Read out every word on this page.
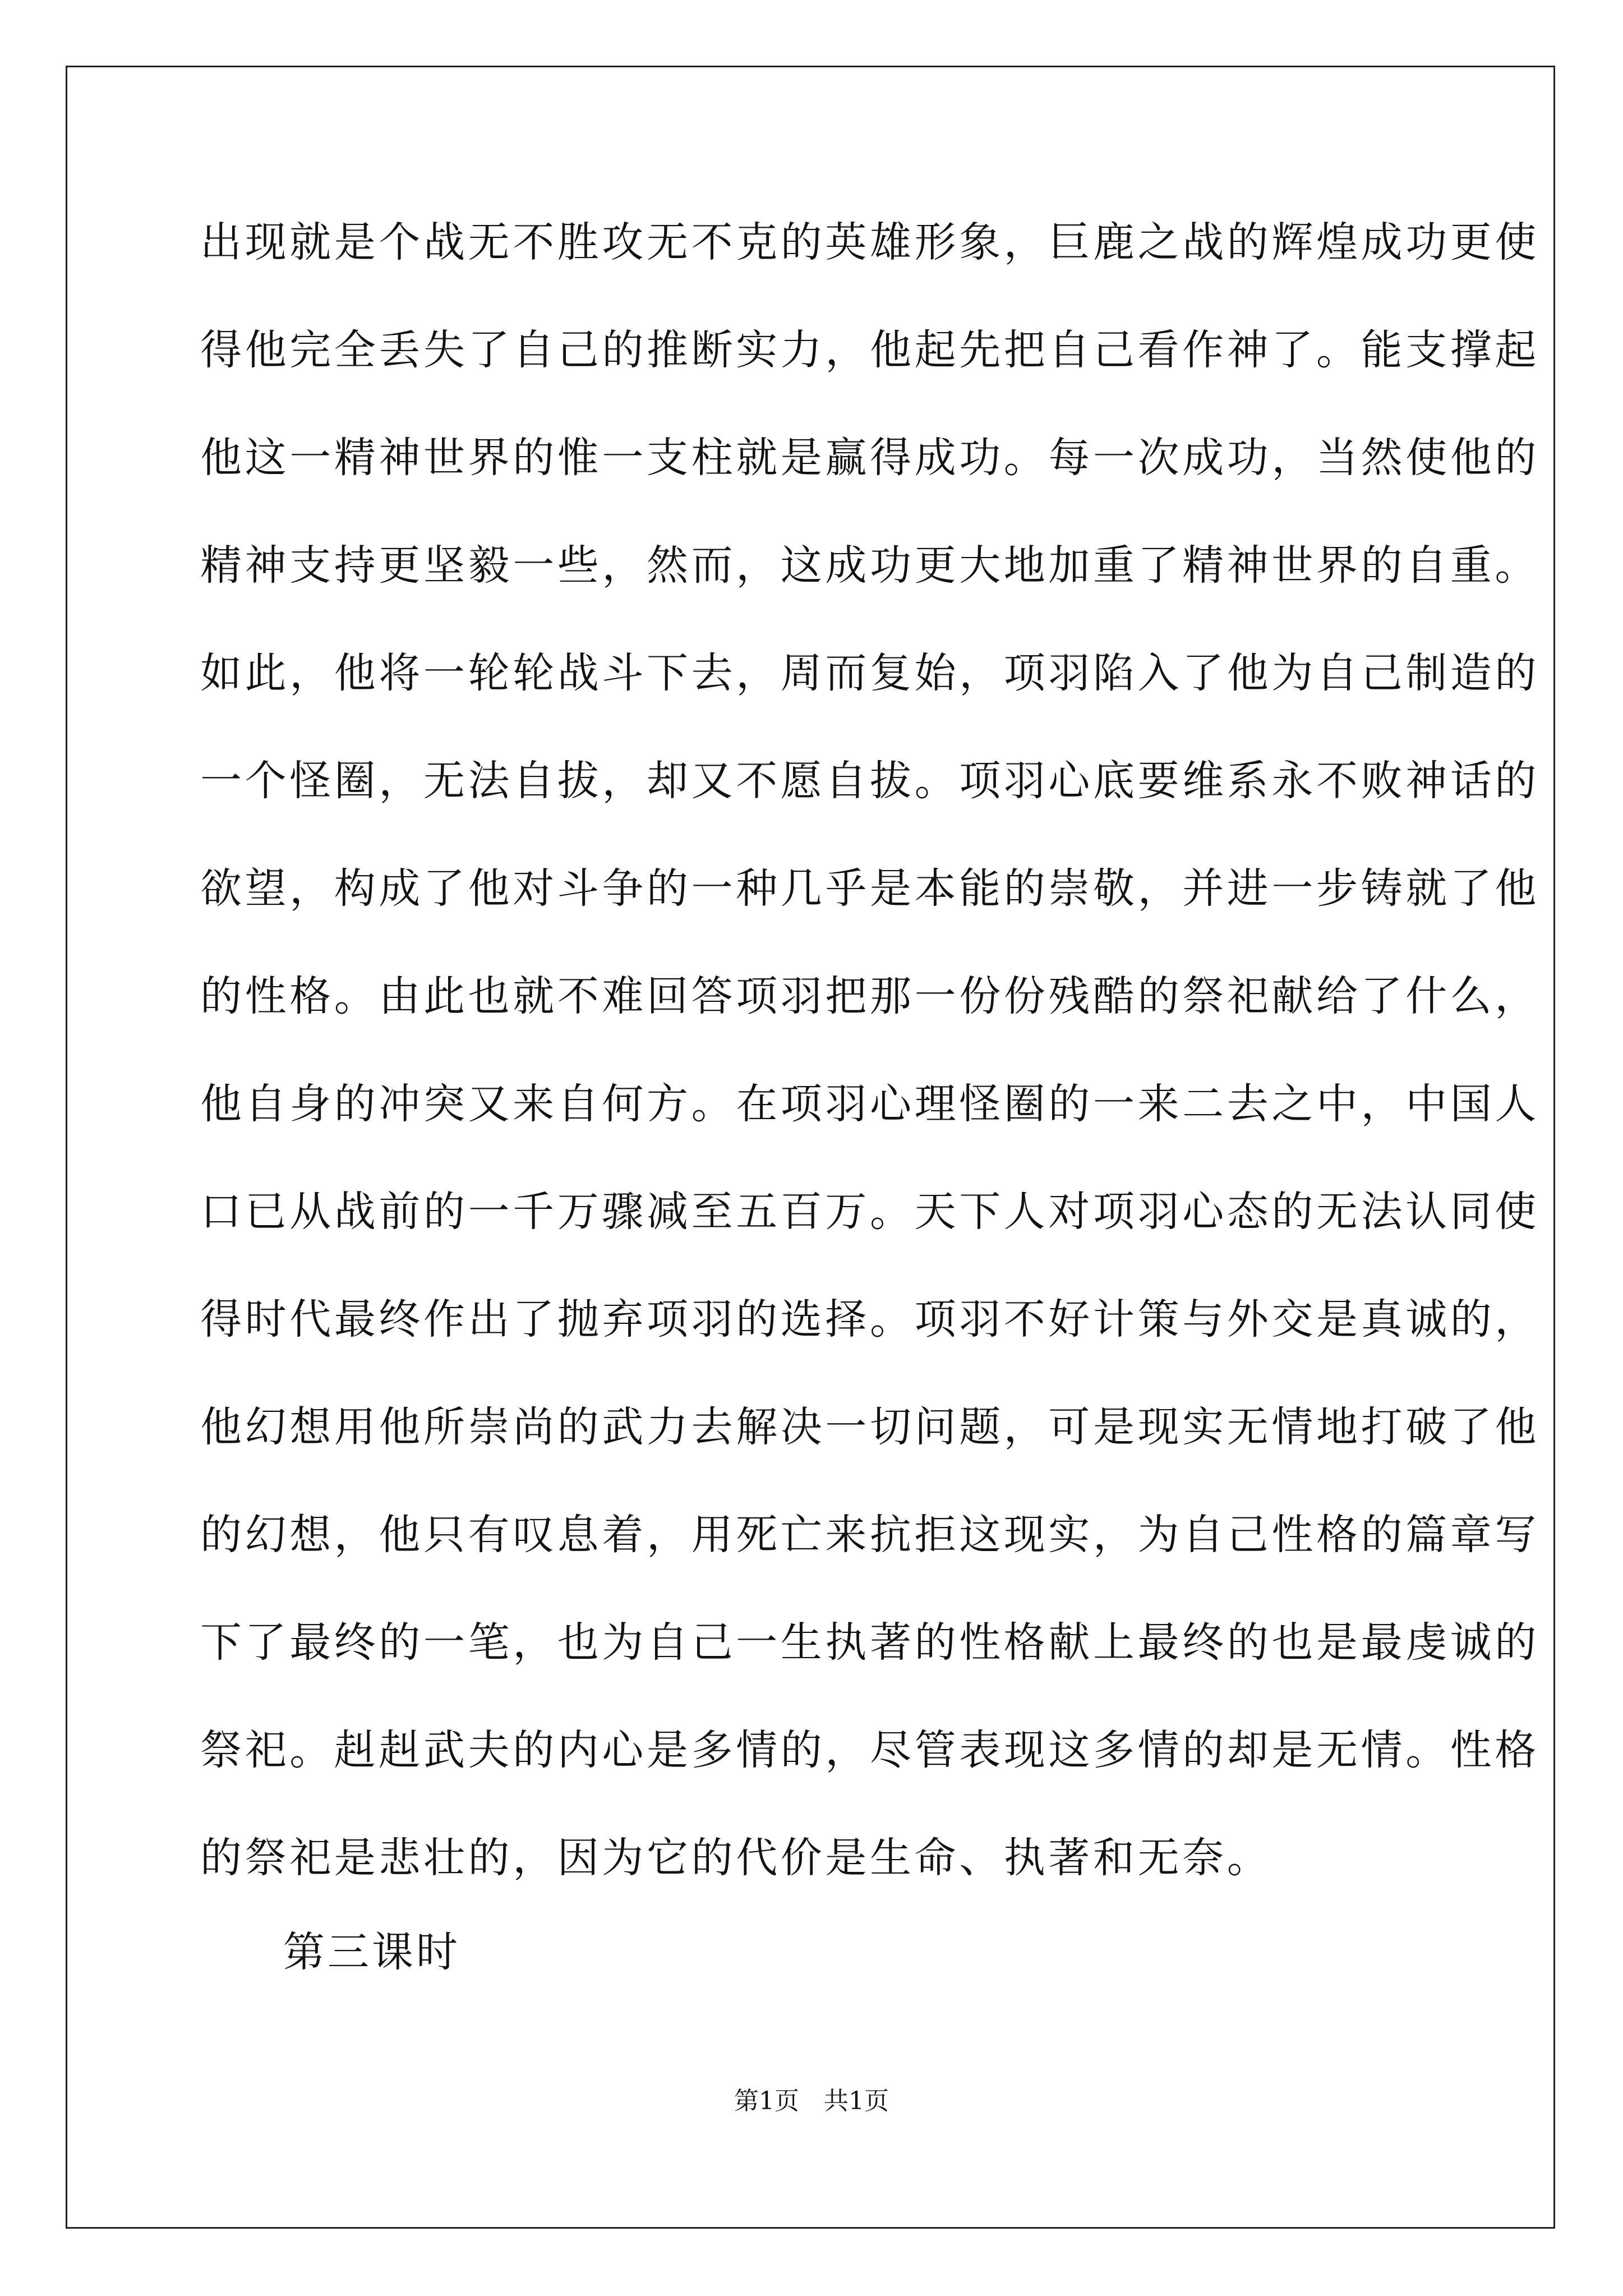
出现就是个战无不胜攻无不克的英雄形象，巨鹿之战的辉煌成功更使
得他完全丢失了自己的推断实力，他起先把自己看作神了。能支撑起
他这一精神世界的惟一支柱就是赢得成功。每一次成功，当然使他的
精神支持更坚毅一些，然而，这成功更大地加重了精神世界的自重。
如此，他将一轮轮战斗下去，周而复始，项羽陷入了他为自己制造的
一个怪圈，无法自拔，却又不愿自拔。项羽心底要维系永不败神话的
欲望，构成了他对斗争的一种几乎是本能的崇敬，并进一步铸就了他
的性格。由此也就不难回答项羽把那一份份残酷的祭祀献给了什么，
他自身的冲突又来自何方。在项羽心理怪圈的一来二去之中，中国人
口已从战前的一千万骤减至五百万。天下人对项羽心态的无法认同使
得时代最终作出了抛弃项羽的选择。项羽不好计策与外交是真诚的，
他幻想用他所崇尚的武力去解决一切问题，可是现实无情地打破了他
的幻想，他只有叹息着，用死亡来抗拒这现实，为自己性格的篇章写
下了最终的一笔，也为自己一生执著的性格献上最终的也是最虔诚的
祭祀。赳赳武夫的内心是多情的，尽管表现这多情的却是无情。性格
的祭祀是悲壮的，因为它的代价是生命、执著和无奈。
第三课时
第1页　共1页
